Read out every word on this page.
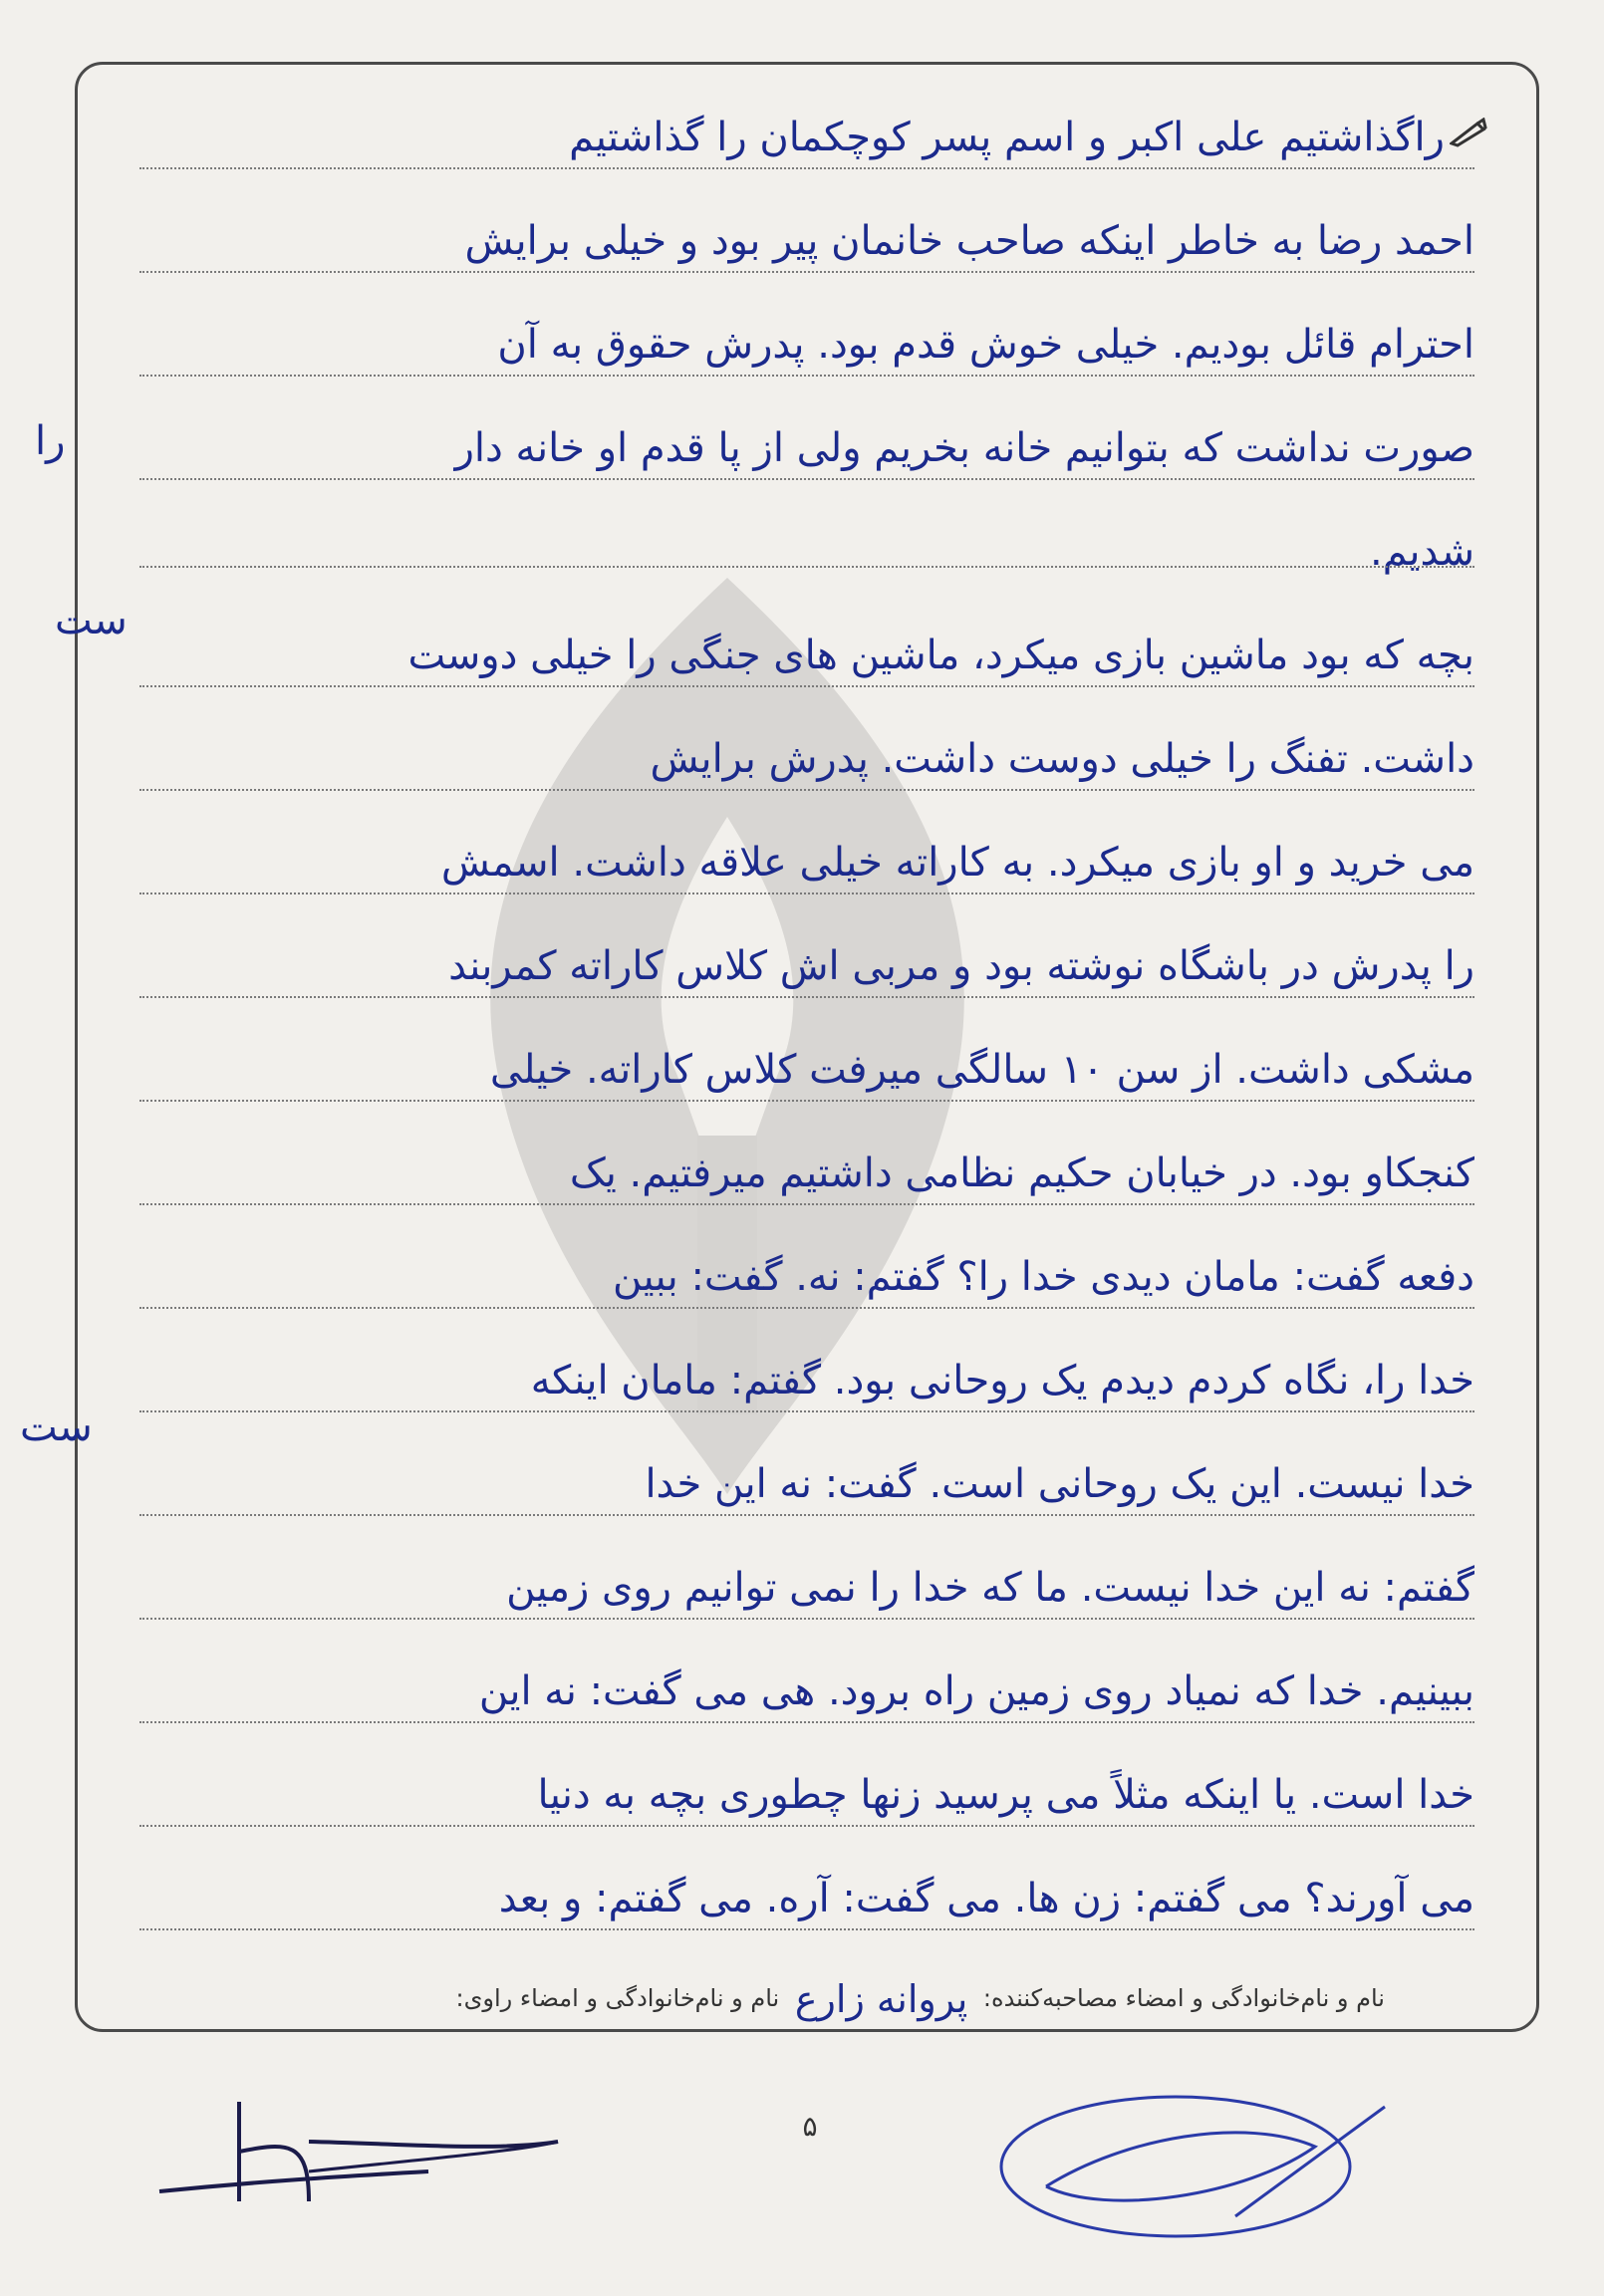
راگذاشتیم علی اکبر و اسم پسر کوچکمان را گذاشتیم
احمد رضا به خاطر اینکه صاحب خانمان پیر بود و خیلی برایش
احترام قائل بودیم. خیلی خوش قدم بود. پدرش حقوق به آن
صورت نداشت که بتوانیم خانه بخریم ولی از پا قدم او خانه دار
شدیم.
بچه که بود ماشین بازی میکرد، ماشین های جنگی را خیلی دوست
داشت. تفنگ را خیلی دوست داشت. پدرش برایش
می خرید و او بازی میکرد. به کاراته خیلی علاقه داشت. اسمش
را پدرش در باشگاه نوشته بود و مربی اش کلاس کاراته کمربند
مشکی داشت. از سن ۱۰ سالگی میرفت کلاس کاراته. خیلی
کنجکاو بود. در خیابان حکیم نظامی داشتیم میرفتیم. یک
دفعه گفت: مامان دیدی خدا را؟ گفتم: نه. گفت: ببین
خدا را، نگاه کردم دیدم یک روحانی بود. گفتم: مامان اینکه
خدا نیست. این یک روحانی است. گفت: نه این خدا
گفتم: نه این خدا نیست. ما که خدا را نمی توانیم روی زمین
ببینیم. خدا که نمیاد روی زمین راه برود. هی می گفت: نه این
خدا است. یا اینکه مثلاً می پرسید زنها چطوری بچه به دنیا
می آورند؟ می گفتم: زن ها. می گفت: آره. می گفتم: و بعد
را
ست
ست
نام و نام‌خانوادگی و امضاء مصاحبه‌کننده: پروانه زارع نام و نام‌خانوادگی و امضاء راوی:
۵
